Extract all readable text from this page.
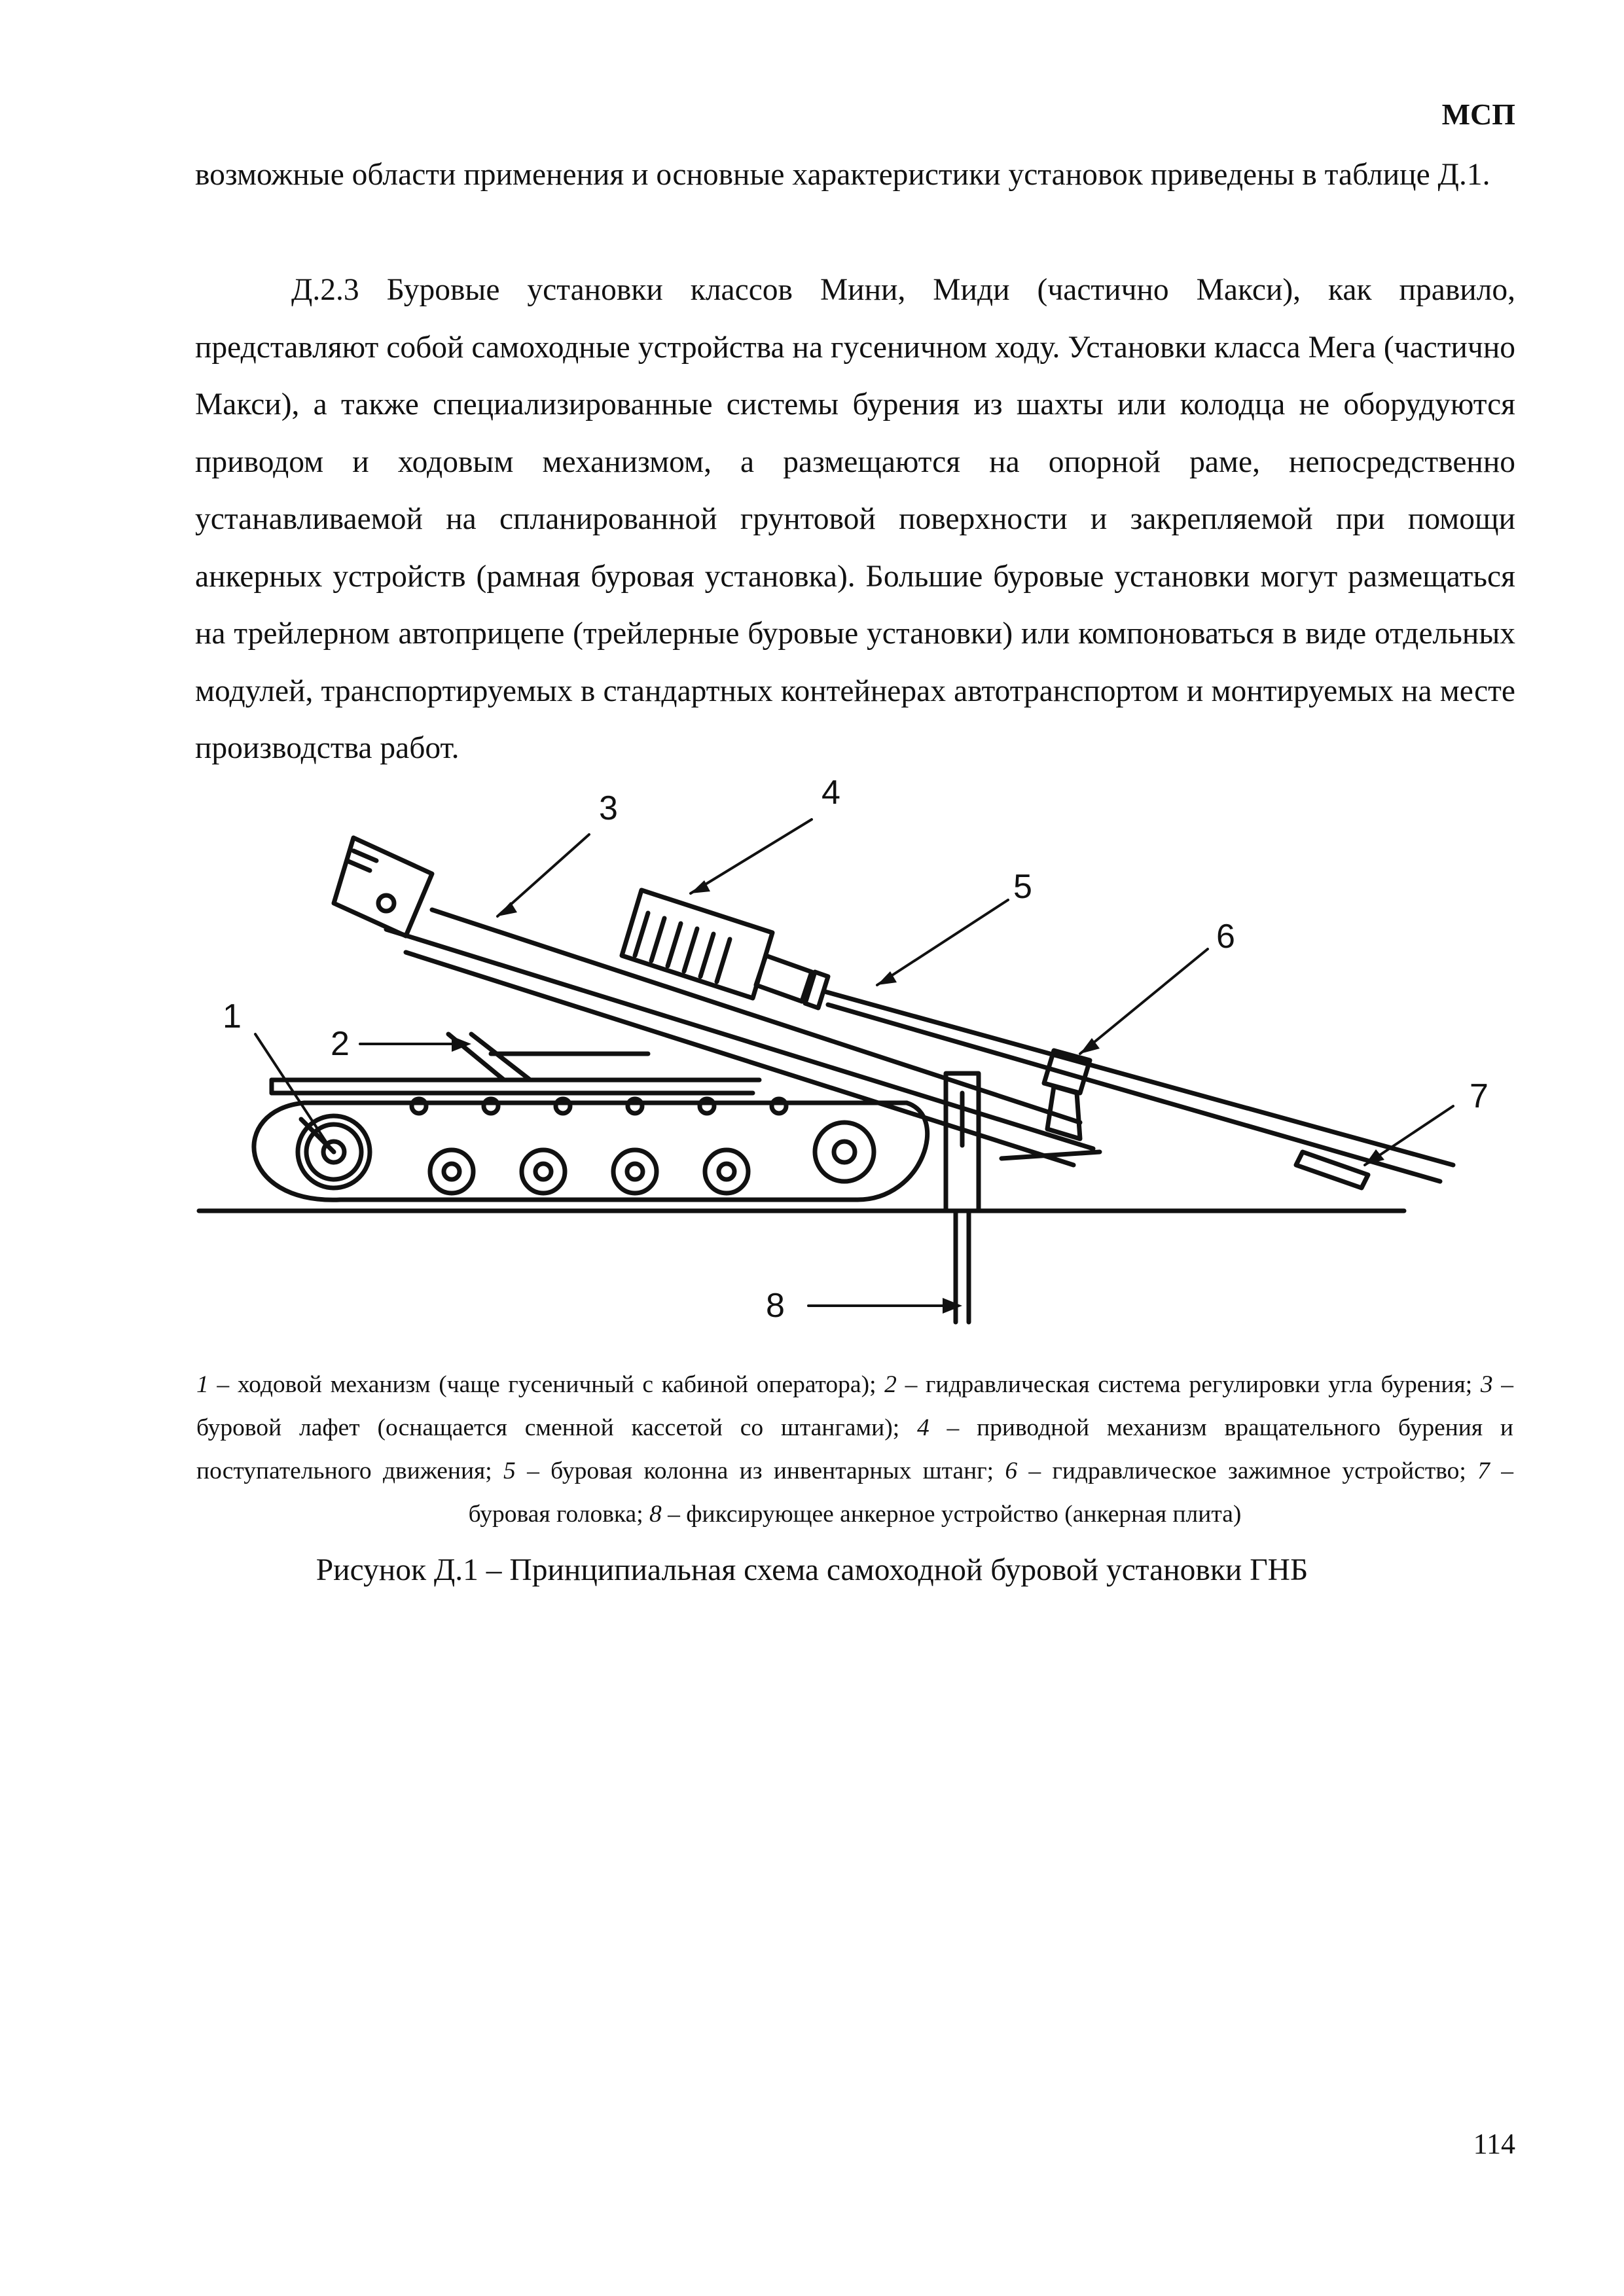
МСП

возможные области применения и основные характеристики установок приведены в таблице Д.1.

Д.2.3 Буровые установки классов Мини, Миди (частично Макси), как правило, представляют собой самоходные устройства на гусеничном ходу. Установки класса Мега (частично Макси), а также специализированные системы бурения из шахты или колодца не оборудуются приводом и ходовым механизмом, а размещаются на опорной раме, непосредственно устанавливаемой на спланированной грунтовой поверхности и закрепляемой при помощи анкерных устройств (рамная буровая установка). Большие буровые установки могут размещаться на трейлерном автоприцепе (трейлерные буровые установки) или компоноваться в виде отдельных модулей, транспортируемых в стандартных контейнерах автотранспортом и монтируемых на месте производства работ.

1
2
3	4
5
6
7
8

1 – ходовой механизм (чаще гусеничный с кабиной оператора); 2 – гидравлическая система регулировки угла бурения; 3 – буровой лафет (оснащается сменной кассетой со штангами); 4 – приводной механизм вращательного бурения и поступательного движения; 5 – буровая колонна из инвентарных штанг; 6 – гидравлическое зажимное устройство; 7 – буровая головка; 8 – фиксирующее анкерное устройство (анкерная плита)

Рисунок Д.1 – Принципиальная схема самоходной буровой установки ГНБ
114
